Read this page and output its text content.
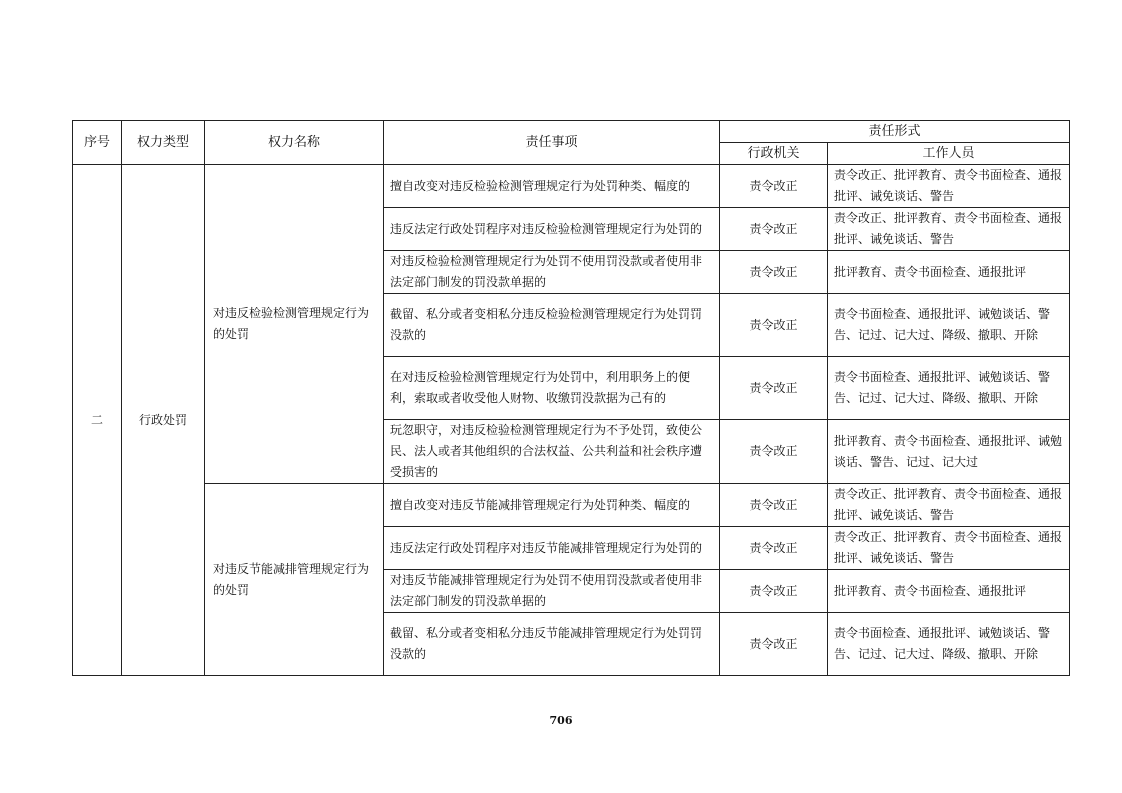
序号	权力类型	权力名称	责任事项	责任形式	
				行政机关	工作人员
二	行政处罚	对违反检验检测管理规定行为的处罚	擅自改变对违反检验检测管理规定行为处罚种类、幅度的	责令改正	责令改正、批评教育、责令书面检查、通报批评、诫免谈话、警告
			违反法定行政处罚程序对违反检验检测管理规定行为处罚的	责令改正	责令改正、批评教育、责令书面检查、通报批评、诫免谈话、警告
			对违反检验检测管理规定行为处罚不使用罚没款或者使用非法定部门制发的罚没款单据的	责令改正	批评教育、责令书面检查、通报批评
			截留、私分或者变相私分违反检验检测管理规定行为处罚罚没款的	责令改正	责令书面检查、通报批评、诫勉谈话、警告、记过、记大过、降级、撤职、开除
			在对违反检验检测管理规定行为处罚中，利用职务上的便利，索取或者收受他人财物、收缴罚没款据为己有的	责令改正	责令书面检查、通报批评、诫勉谈话、警告、记过、记大过、降级、撤职、开除
			玩忽职守，对违反检验检测管理规定行为不予处罚，致使公民、法人或者其他组织的合法权益、公共利益和社会秩序遭受损害的	责令改正	批评教育、责令书面检查、通报批评、诫勉谈话、警告、记过、记大过
		对违反节能减排管理规定行为的处罚	擅自改变对违反节能减排管理规定行为处罚种类、幅度的	责令改正	责令改正、批评教育、责令书面检查、通报批评、诫免谈话、警告
			违反法定行政处罚程序对违反节能减排管理规定行为处罚的	责令改正	责令改正、批评教育、责令书面检查、通报批评、诫免谈话、警告
			对违反节能减排管理规定行为处罚不使用罚没款或者使用非法定部门制发的罚没款单据的	责令改正	批评教育、责令书面检查、通报批评
			截留、私分或者变相私分违反节能减排管理规定行为处罚罚没款的	责令改正	责令书面检查、通报批评、诫勉谈话、警告、记过、记大过、降级、撤职、开除
706
